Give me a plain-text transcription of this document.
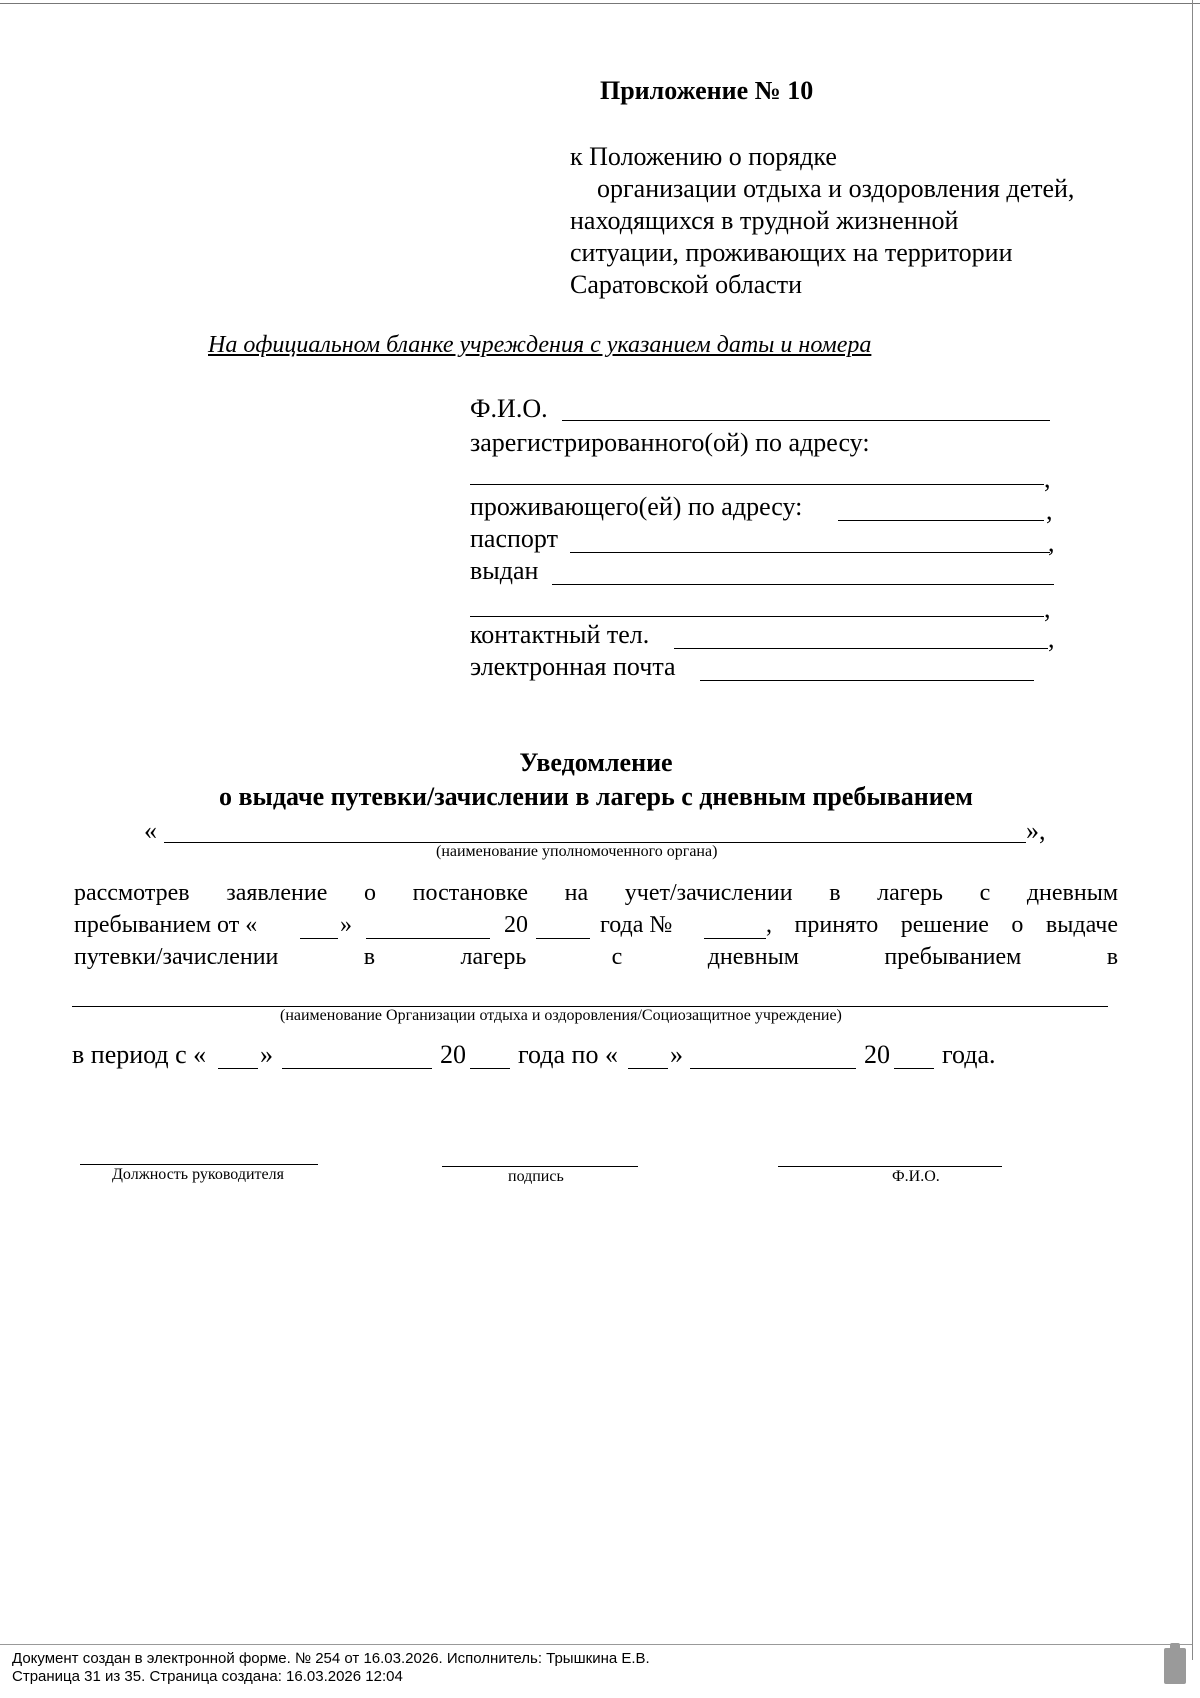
Приложение № 10
к Положению о порядке
организации отдыха и оздоровления детей,
находящихся в трудной жизненной
ситуации, проживающих на территории
Саратовской области
На официальном бланке учреждения с указанием даты и номера
Ф.И.О.
зарегистрированного(ой) по адресу:
,
проживающего(ей) по адресу:	,
паспорт	,
выдан
,
контактный тел.	,
электронная почта
Уведомление
о выдаче путевки/зачислении в лагерь с дневным пребыванием
«	»,
(наименование уполномоченного органа)
рассмотрев заявление о постановке на учет/зачислении в лагерь с дневным
пребыванием от «	»	20	года №	, принято решение о выдаче
путевки/зачислении	в	лагерь	с	дневным	пребыванием	в
(наименование Организации отдыха и оздоровления/Социозащитное учреждение)
в период с « »	20 года по « »	20 года.
Должность руководителя	подпись	Ф.И.О.
Документ создан в электронной форме. № 254 от 16.03.2026. Исполнитель: Трышкина Е.В.
Страница 31 из 35. Страница создана: 16.03.2026 12:04
